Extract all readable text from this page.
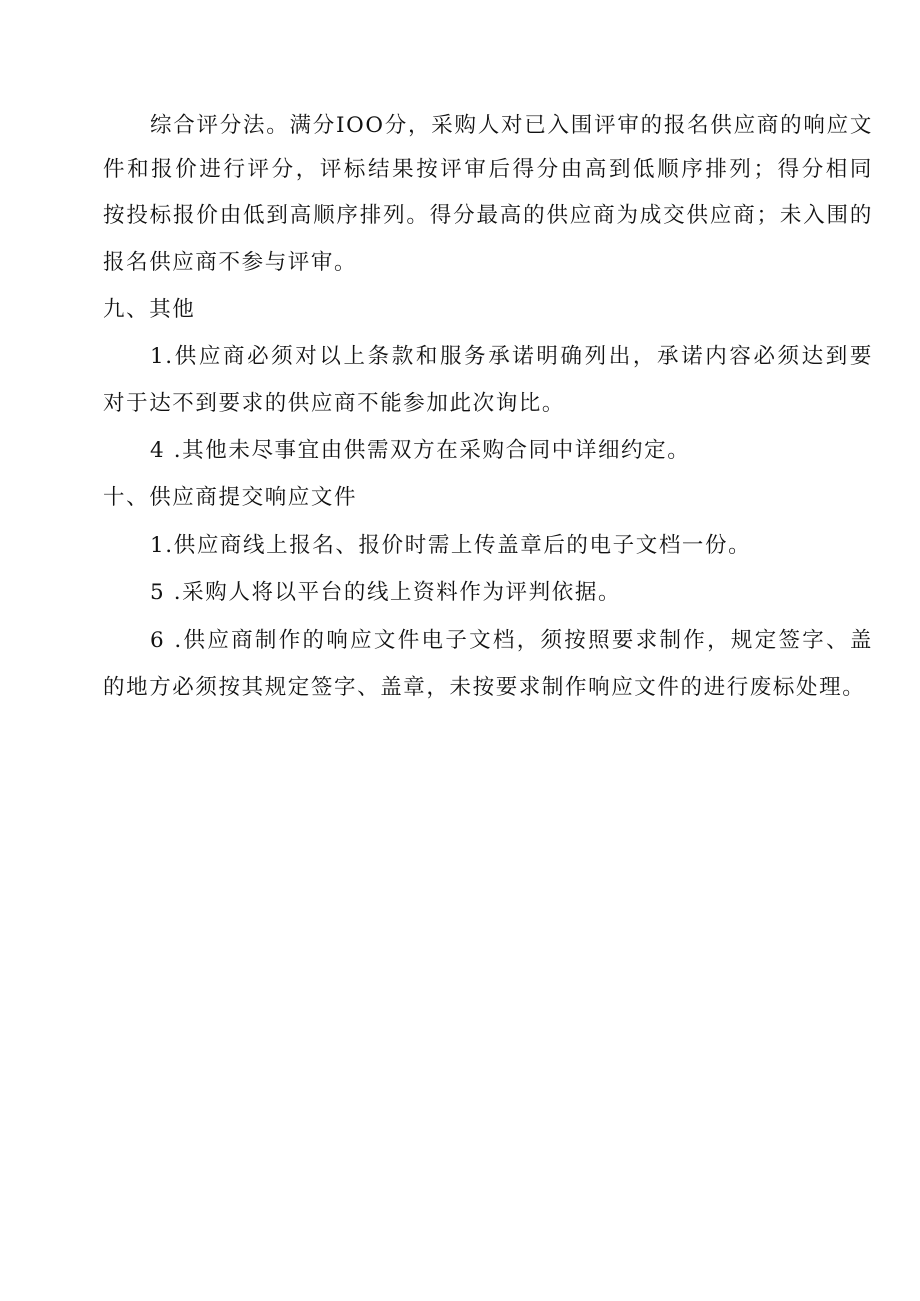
综合评分法。满分IOO分，采购人对已入围评审的报名供应商的响应文
件和报价进行评分，评标结果按评审后得分由高到低顺序排列；得分相同
按投标报价由低到高顺序排列。得分最高的供应商为成交供应商；未入围的
报名供应商不参与评审。
九、其他
1.供应商必须对以上条款和服务承诺明确列出，承诺内容必须达到要
对于达不到要求的供应商不能参加此次询比。
4 .其他未尽事宜由供需双方在采购合同中详细约定。
十、供应商提交响应文件
1.供应商线上报名、报价时需上传盖章后的电子文档一份。
5 .采购人将以平台的线上资料作为评判依据。
6 .供应商制作的响应文件电子文档，须按照要求制作，规定签字、盖
的地方必须按其规定签字、盖章，未按要求制作响应文件的进行废标处理。
